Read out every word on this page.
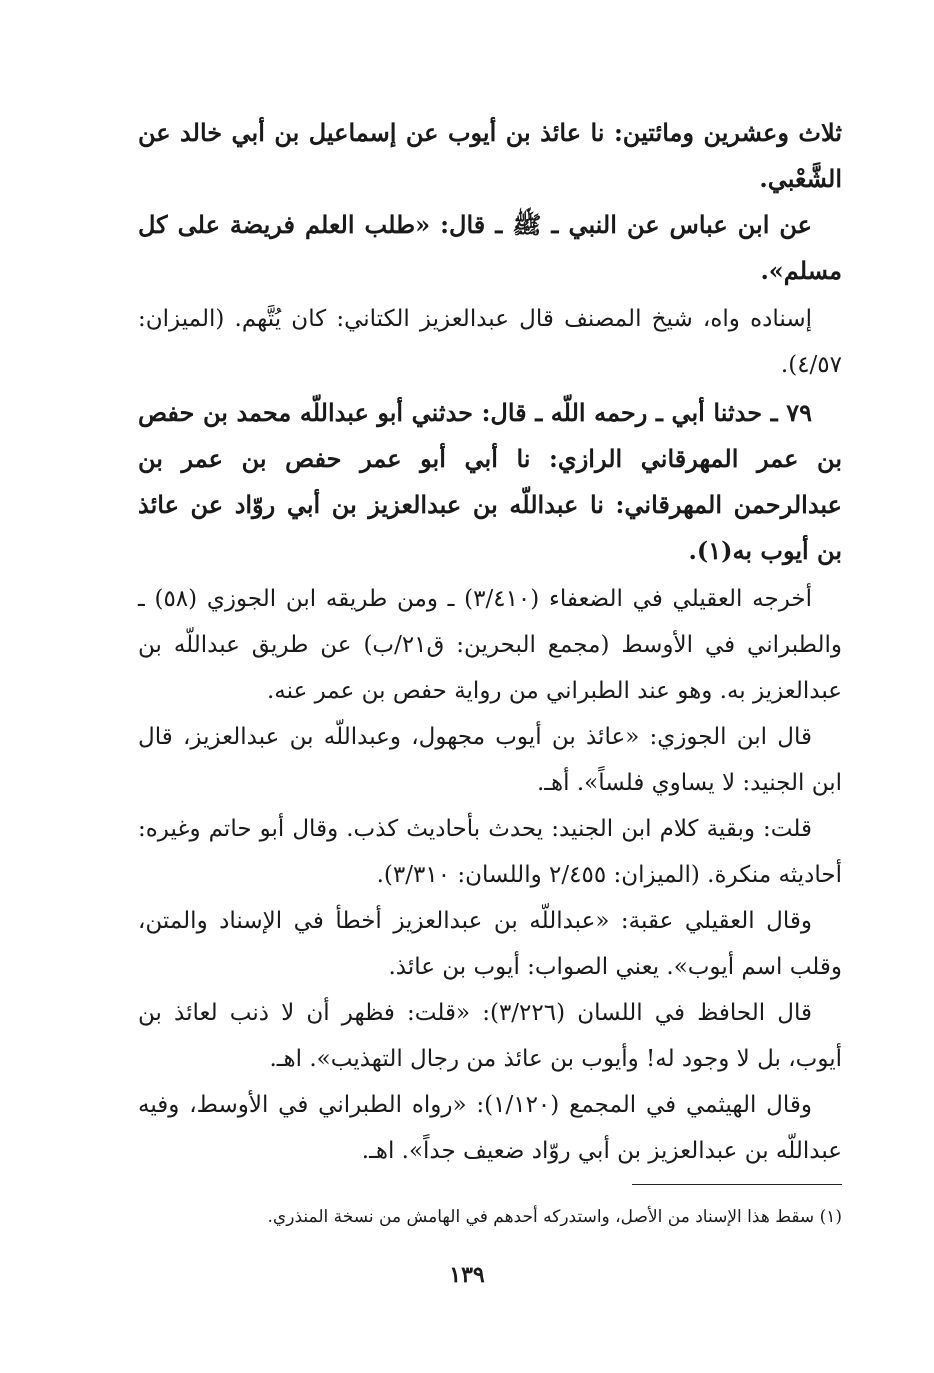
ثلاث وعشرين ومائتين: نا عائذ بن أيوب عن إسماعيل بن أبي خالد عن الشَّعْبي.

عن ابن عباس عن النبي ـ ﷺ ـ قال: «طلب العلم فريضة على كل مسلم».

إسناده واه، شيخ المصنف قال عبدالعزيز الكتاني: كان يُتَّهم. (الميزان: ٤/٥٧).

٧٩ ـ حدثنا أبي ـ رحمه اللّه ـ قال: حدثني أبو عبداللّه محمد بن حفص بن عمر المهرقاني الرازي: نا أبي أبو عمر حفص بن عمر بن عبدالرحمن المهرقاني: نا عبداللّه بن عبدالعزيز بن أبي روّاد عن عائذ بن أيوب به(١).

أخرجه العقيلي في الضعفاء (٣/٤١٠) ـ ومن طريقه ابن الجوزي (٥٨) ـ والطبراني في الأوسط (مجمع البحرين: ق٢١/ب) عن طريق عبداللّه بن عبدالعزيز به. وهو عند الطبراني من رواية حفص بن عمر عنه.

قال ابن الجوزي: «عائذ بن أيوب مجهول، وعبداللّه بن عبدالعزيز، قال ابن الجنيد: لا يساوي فلساً». أهـ.

قلت: وبقية كلام ابن الجنيد: يحدث بأحاديث كذب. وقال أبو حاتم وغيره: أحاديثه منكرة. (الميزان: ٢/٤٥٥ واللسان: ٣/٣١٠).

وقال العقيلي عقبة: «عبداللّه بن عبدالعزيز أخطأ في الإسناد والمتن، وقلب اسم أيوب». يعني الصواب: أيوب بن عائذ.

قال الحافظ في اللسان (٣/٢٢٦): «قلت: فظهر أن لا ذنب لعائذ بن أيوب، بل لا وجود له! وأيوب بن عائذ من رجال التهذيب». اهـ.

وقال الهيثمي في المجمع (١/١٢٠): «رواه الطبراني في الأوسط، وفيه عبداللّه بن عبدالعزيز بن أبي روّاد ضعيف جداً». اهـ.

(١) سقط هذا الإسناد من الأصل، واستدركه أحدهم في الهامش من نسخة المنذري.
١٣٩
